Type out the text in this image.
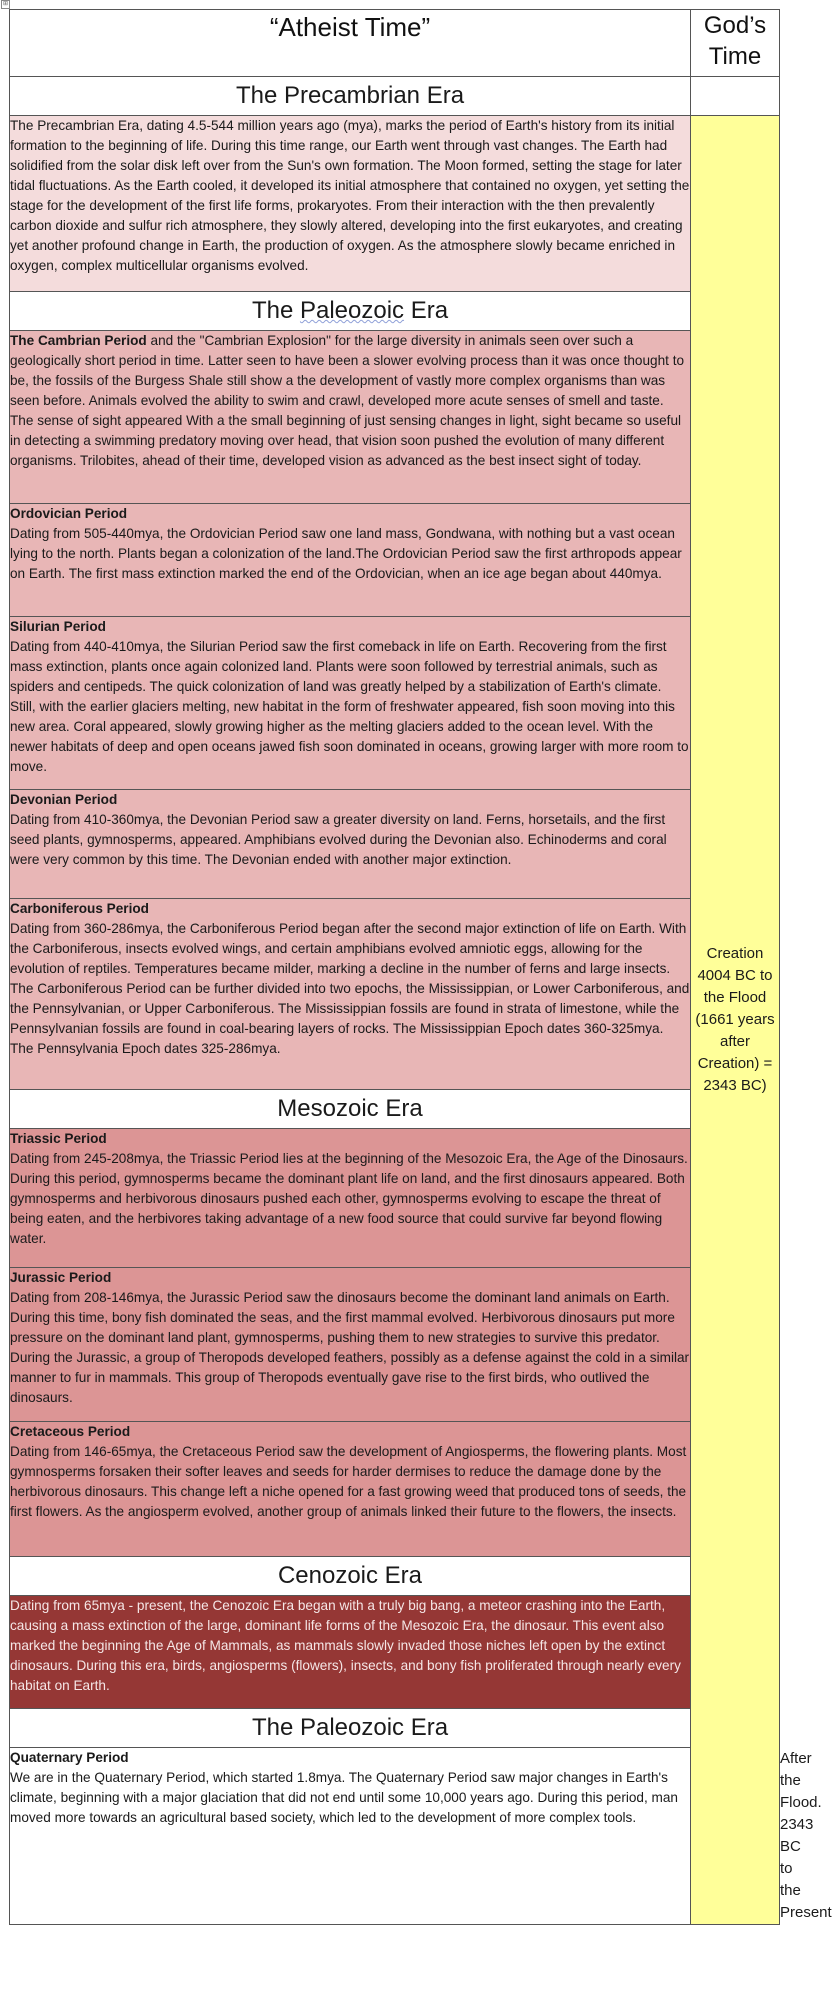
⊞
“Atheist Time”	God’s Time	
The Precambrian Era		
The Precambrian Era, dating 4.5-544 million years ago (mya), marks the period of Earth's history from its initial formation to the beginning of life. During this time range, our Earth went through vast changes. The Earth had solidified from the solar disk left over from the Sun's own formation. The Moon formed, setting the stage for later tidal fluctuations. As the Earth cooled, it developed its initial atmosphere that contained no oxygen, yet setting the stage for the development of the first life forms, prokaryotes. From their interaction with the then prevalently carbon dioxide and sulfur rich atmosphere, they slowly altered, developing into the first eukaryotes, and creating yet another profound change in Earth, the production of oxygen. As the atmosphere slowly became enriched in oxygen, complex multicellular organisms evolved.	Creation 4004 BC to the Flood (1661 years after Creation) = 2343 BC)	
The Paleozoic Era		
The Cambrian Period and the "Cambrian Explosion" for the large diversity in animals seen over such a geologically short period in time. Latter seen to have been a slower evolving process than it was once thought to be, the fossils of the Burgess Shale still show a the development of vastly more complex organisms than was seen before. Animals evolved the ability to swim and crawl, developed more acute senses of smell and taste. The sense of sight appeared With a the small beginning of just sensing changes in light, sight became so useful in detecting a swimming predatory moving over head, that vision soon pushed the evolution of many different organisms. Trilobites, ahead of their time, developed vision as advanced as the best insect sight of today.		
Ordovician Period
Dating from 505-440mya, the Ordovician Period saw one land mass, Gondwana, with nothing but a vast ocean lying to the north. Plants began a colonization of the land.The Ordovician Period saw the first arthropods appear on Earth. The first mass extinction marked the end of the Ordovician, when an ice age began about 440mya.		
Silurian Period
Dating from 440-410mya, the Silurian Period saw the first comeback in life on Earth. Recovering from the first mass extinction, plants once again colonized land. Plants were soon followed by terrestrial animals, such as spiders and centipeds. The quick colonization of land was greatly helped by a stabilization of Earth's climate. Still, with the earlier glaciers melting, new habitat in the form of freshwater appeared, fish soon moving into this new area. Coral appeared, slowly growing higher as the melting glaciers added to the ocean level. With the newer habitats of deep and open oceans jawed fish soon dominated in oceans, growing larger with more room to move.		
Devonian Period
Dating from 410-360mya, the Devonian Period saw a greater diversity on land. Ferns, horsetails, and the first seed plants, gymnosperms, appeared. Amphibians evolved during the Devonian also. Echinoderms and coral were very common by this time. The Devonian ended with another major extinction.		
Carboniferous Period
Dating from 360-286mya, the Carboniferous Period began after the second major extinction of life on Earth. With the Carboniferous, insects evolved wings, and certain amphibians evolved amniotic eggs, allowing for the evolution of reptiles. Temperatures became milder, marking a decline in the number of ferns and large insects.
The Carboniferous Period can be further divided into two epochs, the Mississippian, or Lower Carboniferous, and the Pennsylvanian, or Upper Carboniferous. The Mississippian fossils are found in strata of limestone, while the Pennsylvanian fossils are found in coal-bearing layers of rocks. The Mississippian Epoch dates 360-325mya. The Pennsylvania Epoch dates 325-286mya.		
Mesozoic Era		
Triassic Period
Dating from 245-208mya, the Triassic Period lies at the beginning of the Mesozoic Era, the Age of the Dinosaurs. During this period, gymnosperms became the dominant plant life on land, and the first dinosaurs appeared. Both gymnosperms and herbivorous dinosaurs pushed each other, gymnosperms evolving to escape the threat of being eaten, and the herbivores taking advantage of a new food source that could survive far beyond flowing water.		
Jurassic Period
Dating from 208-146mya, the Jurassic Period saw the dinosaurs become the dominant land animals on Earth. During this time, bony fish dominated the seas, and the first mammal evolved. Herbivorous dinosaurs put more pressure on the dominant land plant, gymnosperms, pushing them to new strategies to survive this predator. During the Jurassic, a group of Theropods developed feathers, possibly as a defense against the cold in a similar manner to fur in mammals. This group of Theropods eventually gave rise to the first birds, who outlived the dinosaurs.		
Cretaceous Period
Dating from 146-65mya, the Cretaceous Period saw the development of Angiosperms, the flowering plants. Most gymnosperms forsaken their softer leaves and seeds for harder dermises to reduce the damage done by the herbivorous dinosaurs. This change left a niche opened for a fast growing weed that produced tons of seeds, the first flowers. As the angiosperm evolved, another group of animals linked their future to the flowers, the insects.		
Cenozoic Era		
Dating from 65mya - present, the Cenozoic Era began with a truly big bang, a meteor crashing into the Earth, causing a mass extinction of the large, dominant life forms of the Mesozoic Era, the dinosaur. This event also marked the beginning the Age of Mammals, as mammals slowly invaded those niches left open by the extinct dinosaurs. During this era, birds, angiosperms (flowers), insects, and bony fish proliferated through nearly every habitat on Earth.		
The Paleozoic Era		
Quaternary Period
We are in the Quaternary Period, which started 1.8mya. The Quaternary Period saw major changes in Earth's climate, beginning with a major glaciation that did not end until some 10,000 years ago. During this period, man moved more towards an agricultural based society, which led to the development of more complex tools.		After the Flood. 2343 BC to the Present
